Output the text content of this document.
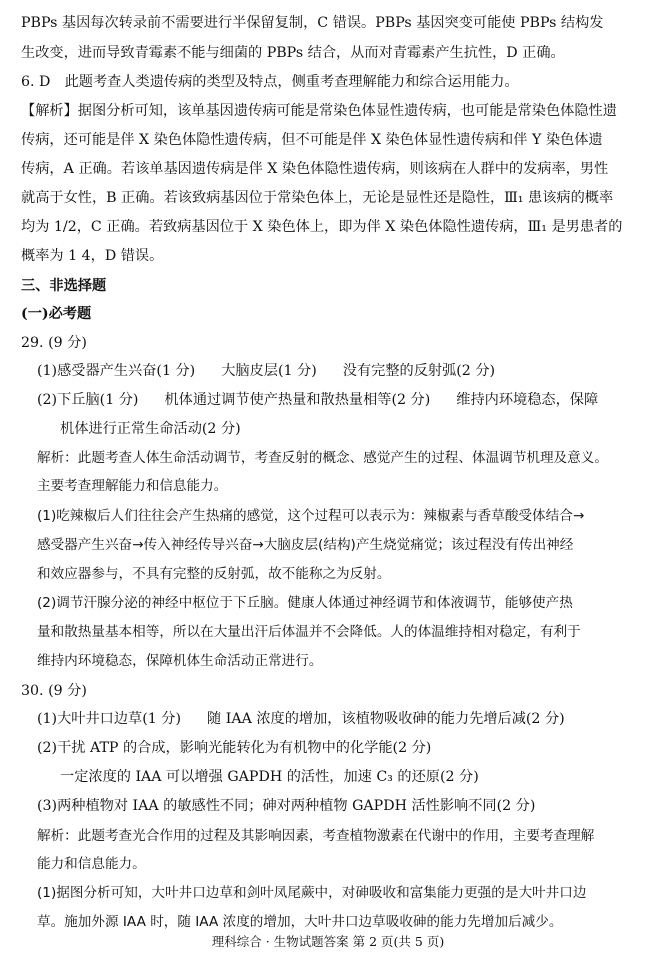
PBPs 基因每次转录前不需要进行半保留复制，C 错误。PBPs 基因突变可能使 PBPs 结构发
生改变，进而导致青霉素不能与细菌的 PBPs 结合，从而对青霉素产生抗性，D 正确。
6. D　此题考查人类遗传病的类型及特点，侧重考查理解能力和综合运用能力。
【解析】据图分析可知，该单基因遗传病可能是常染色体显性遗传病，也可能是常染色体隐性遗
传病，还可能是伴 X 染色体隐性遗传病，但不可能是伴 X 染色体显性遗传病和伴 Y 染色体遗
传病，A 正确。若该单基因遗传病是伴 X 染色体隐性遗传病，则该病在人群中的发病率，男性
就高于女性，B 正确。若该致病基因位于常染色体上，无论是显性还是隐性，Ⅲ₁ 患该病的概率
均为 1/2，C 正确。若致病基因位于 X 染色体上，即为伴 X 染色体隐性遗传病，Ⅲ₁ 是男患者的
概率为 1 4，D 错误。
三、非选择题
(一)必考题
29. (9 分)
(1)感受器产生兴奋(1 分) 大脑皮层(1 分) 没有完整的反射弧(2 分)
(2)下丘脑(1 分) 机体通过调节使产热量和散热量相等(2 分) 维持内环境稳态，保障
机体进行正常生命活动(2 分)
解析：此题考查人体生命活动调节，考查反射的概念、感觉产生的过程、体温调节机理及意义。
主要考查理解能力和信息能力。
(1)吃辣椒后人们往往会产生热痛的感觉，这个过程可以表示为：辣椒素与香草酸受体结合→
感受器产生兴奋→传入神经传导兴奋→大脑皮层(结构)产生烧觉痛觉；该过程没有传出神经
和效应器参与，不具有完整的反射弧，故不能称之为反射。
(2)调节汗腺分泌的神经中枢位于下丘脑。健康人体通过神经调节和体液调节，能够使产热
量和散热量基本相等，所以在大量出汗后体温并不会降低。人的体温维持相对稳定，有利于
维持内环境稳态，保障机体生命活动正常进行。
30. (9 分)
(1)大叶井口边草(1 分) 随 IAA 浓度的增加，该植物吸收砷的能力先增后减(2 分)
(2)干扰 ATP 的合成，影响光能转化为有机物中的化学能(2 分)
一定浓度的 IAA 可以增强 GAPDH 的活性，加速 C₃ 的还原(2 分)
(3)两种植物对 IAA 的敏感性不同；砷对两种植物 GAPDH 活性影响不同(2 分)
解析：此题考查光合作用的过程及其影响因素，考查植物激素在代谢中的作用，主要考查理解
能力和信息能力。
(1)据图分析可知，大叶井口边草和剑叶凤尾蕨中，对砷吸收和富集能力更强的是大叶井口边
草。施加外源 IAA 时，随 IAA 浓度的增加，大叶井口边草吸收砷的能力先增加后减少。
理科综合 · 生物试题答案 第 2 页(共 5 页)
